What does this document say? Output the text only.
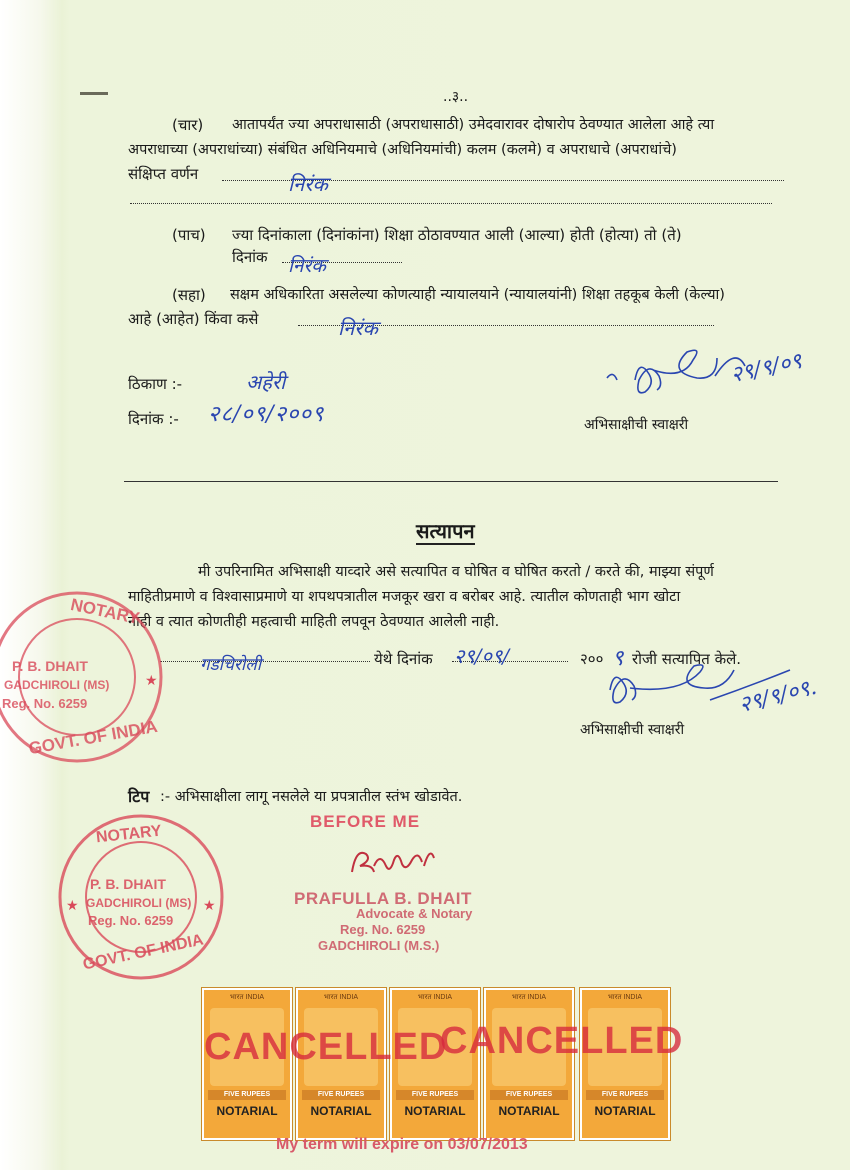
..३..
(चार) आतापर्यंत ज्या अपराधासाठी (अपराधासाठी) उमेदवारावर दोषारोप ठेवण्यात आलेला आहे त्या
अपराधाच्या (अपराधांच्या) संबंधित अधिनियमाचे (अधिनियमांची) कलम (कलमे) व अपराधाचे (अपराधांचे)
संक्षिप्त वर्णन	निरंक
(पाच) ज्या दिनांकाला (दिनांकांना) शिक्षा ठोठावण्यात आली (आल्या) होती (होत्या) तो (ते)
दिनांक निरंक
(सहा) सक्षम अधिकारिता असलेल्या कोणत्याही न्यायालयाने (न्यायालयांनी) शिक्षा तहकूब केली (केल्या)
आहे (आहेत) किंवा कसे	निरंक
ठिकाण :-	अहेरी
दिनांक :- २८/०९/२००९
२९/९/०९
अभिसाक्षीची स्वाक्षरी
सत्यापन
मी उपरिनामित अभिसाक्षी याव्दारे असे सत्यापित व घोषित व घोषित करतो / करते की, माझ्या संपूर्ण
माहितीप्रमाणे व विश्वासाप्रमाणे या शपथपत्रातील मजकूर खरा व बरोबर आहे. त्यातील कोणताही भाग खोटा
नाही व त्यात कोणतीही महत्वाची माहिती लपवून ठेवण्यात आलेली नाही.
गडचिरोली	येथे दिनांक २९/०९/	२०० ९ रोजी सत्यापित केले.
२९/९/०९.
अभिसाक्षीची स्वाक्षरी
टिप :- अभिसाक्षीला लागू नसलेले या प्रपत्रातील स्तंभ खोडावेत.
★
NOTARY
P. B. DHAIT
GADCHIROLI (MS)
Reg. No. 6259
GOVT. OF INDIA
★	★
NOTARY
P. B. DHAIT
GADCHIROLI (MS)
Reg. No. 6259
GOVT. OF INDIA
BEFORE ME
PRAFULLA B. DHAIT
Advocate & Notary
Reg. No. 6259
GADCHIROLI (M.S.)
भारत INDIA
FIVE RUPEES
NOTARIAL
भारत INDIA
FIVE RUPEES
NOTARIAL
भारत INDIA
FIVE RUPEES
NOTARIAL
भारत INDIA
FIVE RUPEES
NOTARIAL
भारत INDIA
FIVE RUPEES
NOTARIAL
CANCELLED
CANCELLED
My term will expire on 03/07/2013
